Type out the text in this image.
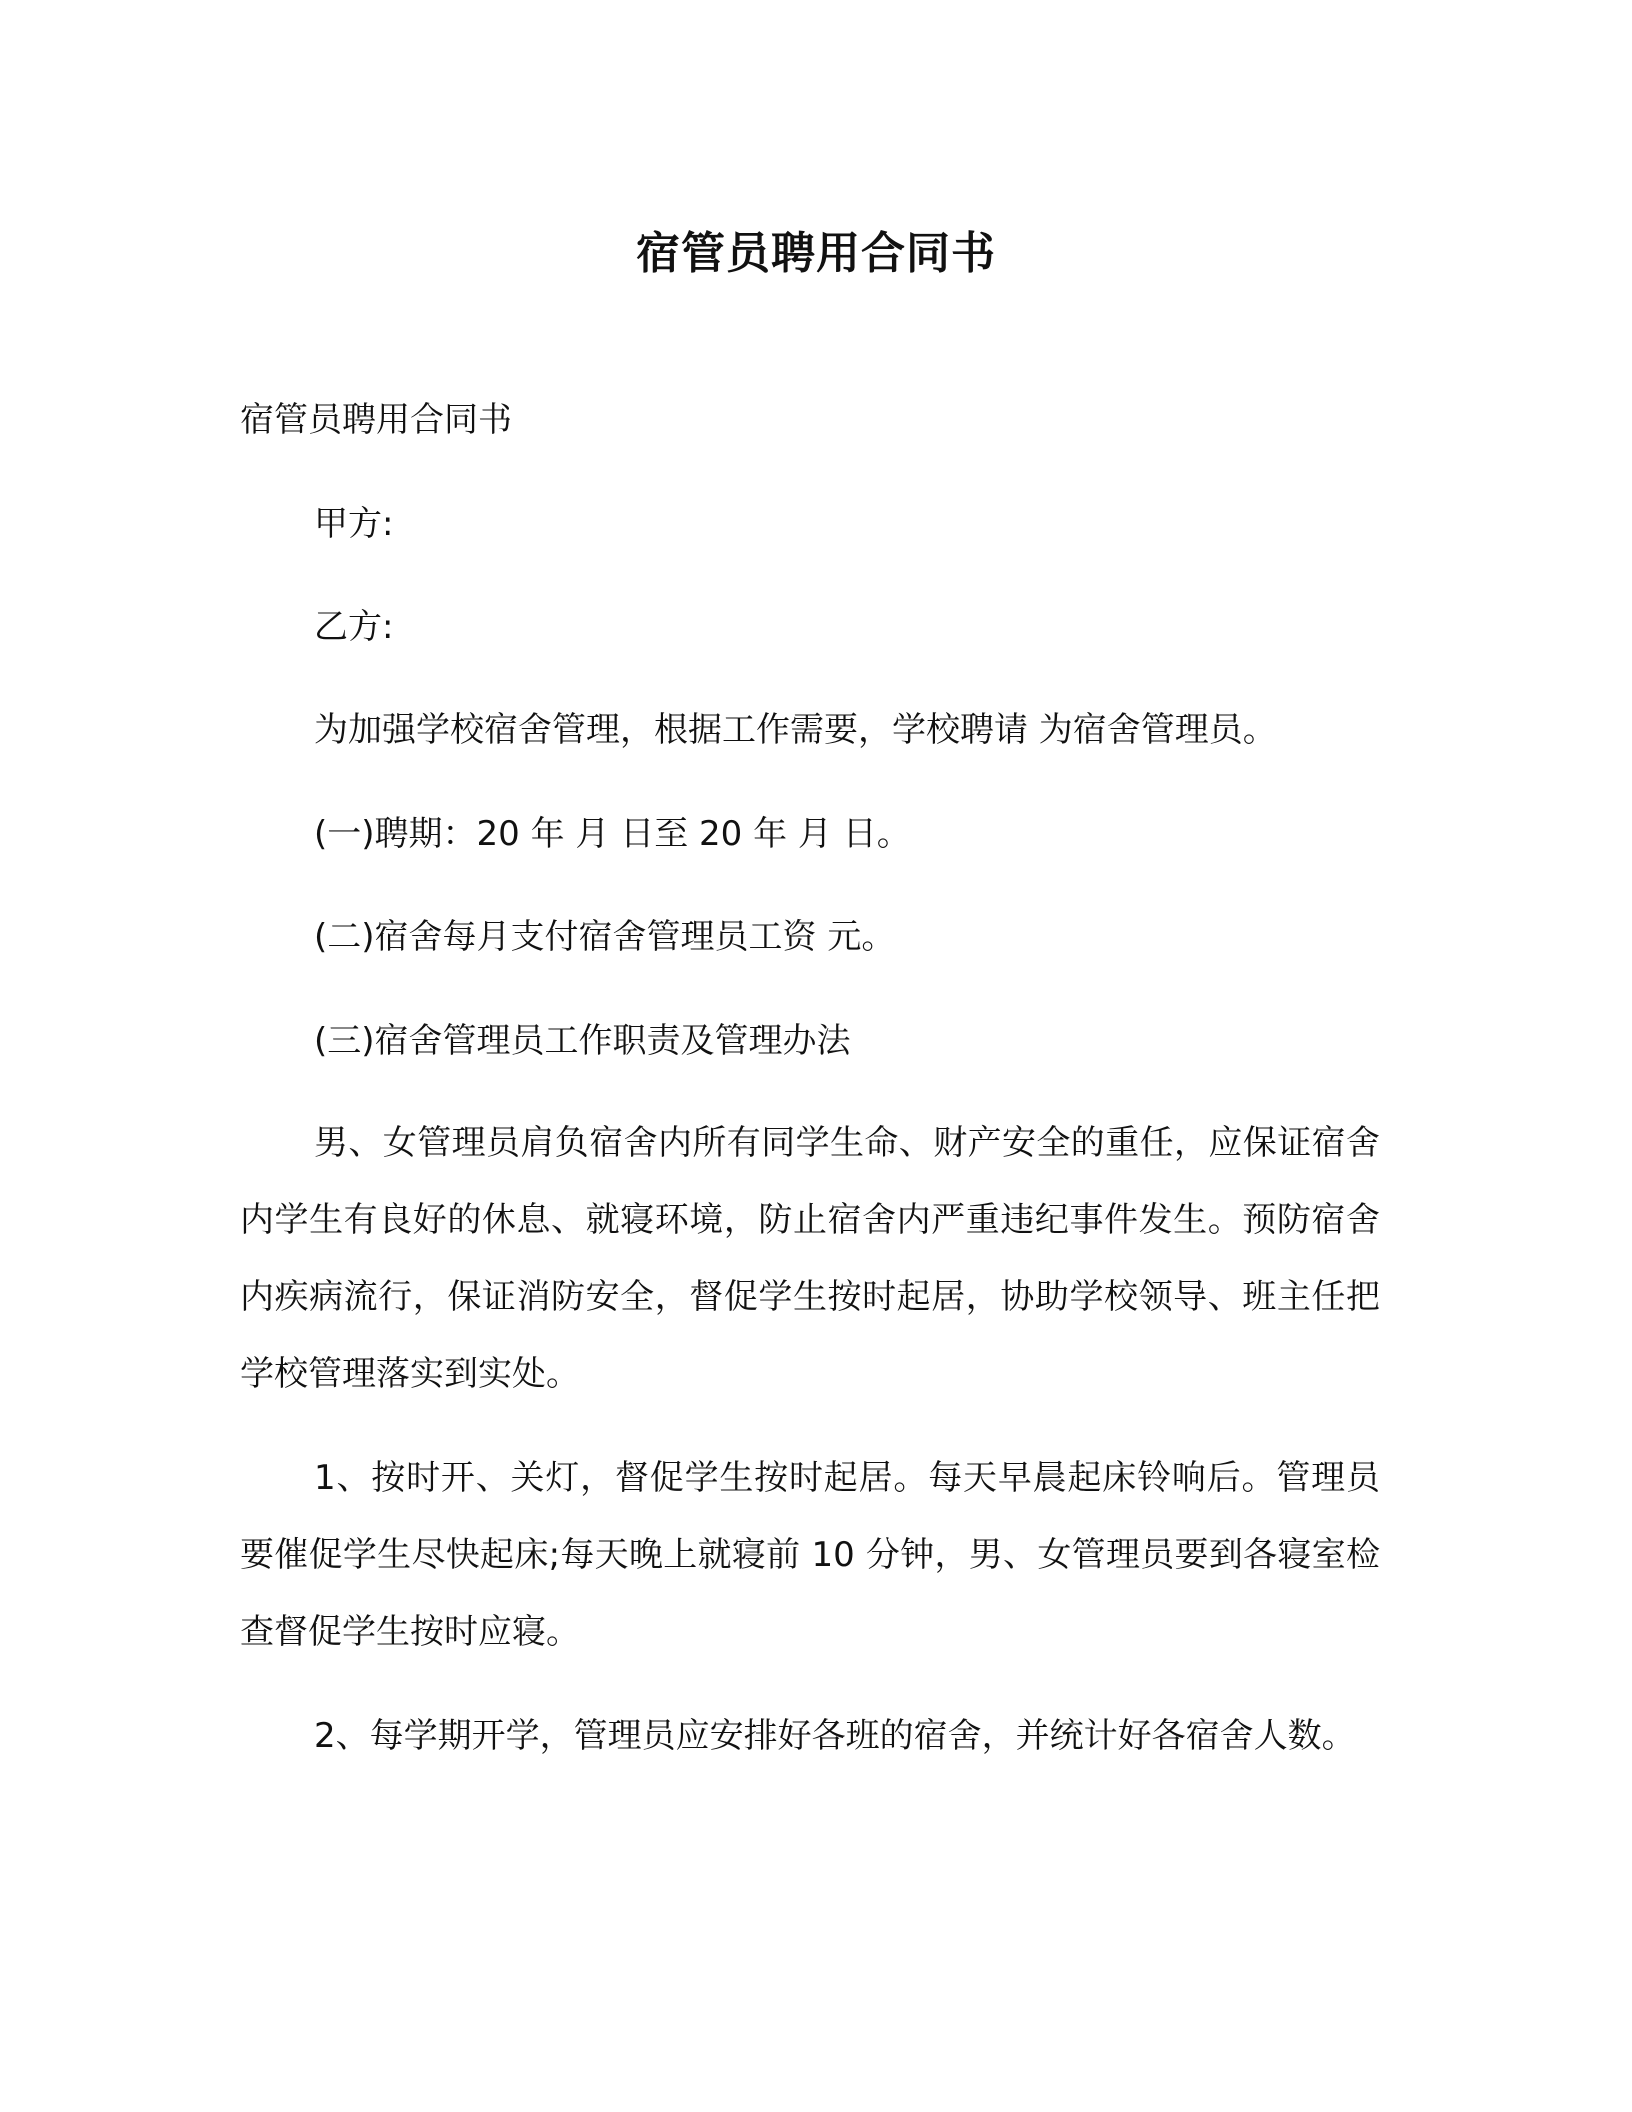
宿管员聘用合同书
宿管员聘用合同书
甲方:
乙方:
为加强学校宿舍管理，根据工作需要，学校聘请 为宿舍管理员。
(一)聘期：20 年 月 日至 20 年 月 日。
(二)宿舍每月支付宿舍管理员工资 元。
(三)宿舍管理员工作职责及管理办法

男、女管理员肩负宿舍内所有同学生命、财产安全的重任，应保证宿舍内学生有良好的休息、就寝环境，防止宿舍内严重违纪事件发生。预防宿舍内疾病流行，保证消防安全，督促学生按时起居，协助学校领导、班主任把学校管理落实到实处。

1、按时开、关灯，督促学生按时起居。每天早晨起床铃响后。管理员要催促学生尽快起床;每天晚上就寝前 10 分钟，男、女管理员要到各寝室检查督促学生按时应寝。

2、每学期开学，管理员应安排好各班的宿舍，并统计好各宿舍人数。
